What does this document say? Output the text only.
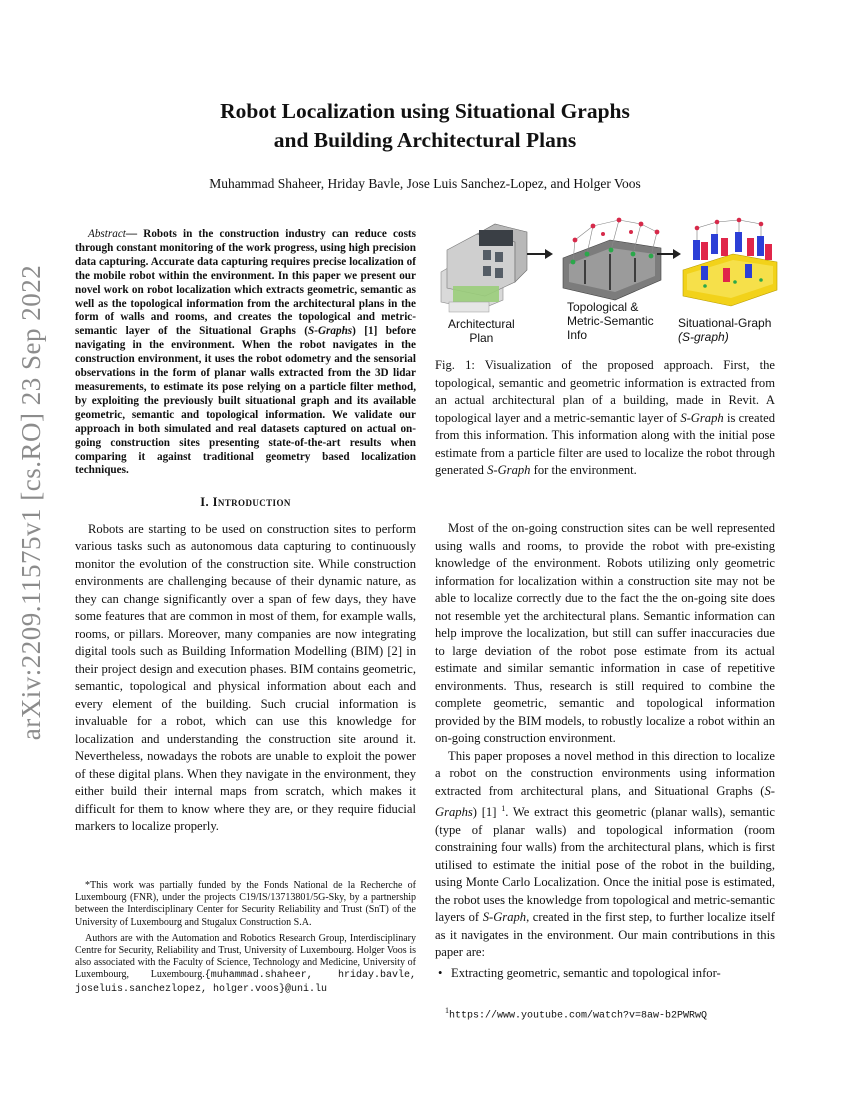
arXiv:2209.11575v1 [cs.RO] 23 Sep 2022
Robot Localization using Situational Graphs
and Building Architectural Plans

Muhammad Shaheer, Hriday Bavle, Jose Luis Sanchez-Lopez, and Holger Voos

Abstract— Robots in the construction industry can reduce costs through constant monitoring of the work progress, using high precision data capturing. Accurate data capturing requires precise localization of the mobile robot within the environment. In this paper we present our novel work on robot localization which extracts geometric, semantic as well as the topological information from the architectural plans in the form of walls and rooms, and creates the topological and metric-semantic layer of the Situational Graphs (S-Graphs) [1] before navigating in the environment. When the robot navigates in the construction environment, it uses the robot odometry and the sensorial observations in the form of planar walls extracted from the 3D lidar measurements, to estimate its pose relying on a particle filter method, by exploiting the previously built situational graph and its available geometric, semantic and topological information. We validate our approach in both simulated and real datasets captured on actual on-going construction sites presenting state-of-the-art results when comparing it against traditional geometry based localization techniques.

I. Introduction

Robots are starting to be used on construction sites to perform various tasks such as autonomous data capturing to continuously monitor the evolution of the construction site. While construction environments are challenging because of their dynamic nature, as they can change significantly over a span of few days, they have some features that are common in most of them, for example walls, rooms, or pillars. Moreover, many companies are now integrating digital tools such as Building Information Modelling (BIM) [2] in their project design and execution phases. BIM contains geometric, semantic, topological and physical information about each and every element of the building. Such crucial information is invaluable for a robot, which can use this knowledge for localization and understanding the construction site around it. Nevertheless, nowadays the robots are unable to exploit the power of these digital plans. When they navigate in the environment, they either build their internal maps from scratch, which makes it difficult for them to know where they are, or they require fiducial markers to localize properly.

*This work was partially funded by the Fonds National de la Recherche of Luxembourg (FNR), under the projects C19/IS/13713801/5G-Sky, by a partnership between the Interdisciplinary Center for Security Reliability and Trust (SnT) of the University of Luxembourg and Stugalux Construction S.A.

Authors are with the Automation and Robotics Research Group, Interdisciplinary Centre for Security, Reliability and Trust, University of Luxembourg. Holger Voos is also associated with the Faculty of Science, Technology and Medicine, University of Luxembourg, Luxembourg.{muhammad.shaheer, hriday.bavle, joseluis.sanchezlopez, holger.voos}@uni.lu

Architectural
Plan
Topological &
Metric-Semantic
Info
Situational-Graph
(S-graph)

Fig. 1: Visualization of the proposed approach. First, the topological, semantic and geometric information is extracted from an actual architectural plan of a building, made in Revit. A topological layer and a metric-semantic layer of S-Graph is created from this information. This information along with the initial pose estimate from a particle filter are used to localize the robot through generated S-Graph for the environment.

Most of the on-going construction sites can be well represented using walls and rooms, to provide the robot with pre-existing knowledge of the environment. Robots utilizing only geometric information for localization within a construction site may not be able to localize correctly due to the fact the the on-going site does not resemble yet the architectural plans. Semantic information can help improve the localization, but still can suffer inaccuracies due to large deviation of the robot pose estimate from its actual estimate and similar semantic information in case of repetitive environments. Thus, research is still required to combine the complete geometric, semantic and topological information provided by the BIM models, to robustly localize a robot within an on-going construction environment.

This paper proposes a novel method in this direction to localize a robot on the construction environments using information extracted from architectural plans, and Situational Graphs (S-Graphs) [1] $^1$. We extract this geometric (planar walls), semantic (type of planar walls) and topological information (room constraining four walls) from the architectural plans, which is first utilised to estimate the initial pose of the robot in the building, using Monte Carlo Localization. Once the initial pose is estimated, the robot uses the knowledge from topological and metric-semantic layers of S-Graph, created in the first step, to further localize itself as it navigates in the environment. Our main contributions in this paper are:

• Extracting geometric, semantic and topological infor-

$^1$https://www.youtube.com/watch?v=8aw-b2PWRwQ
